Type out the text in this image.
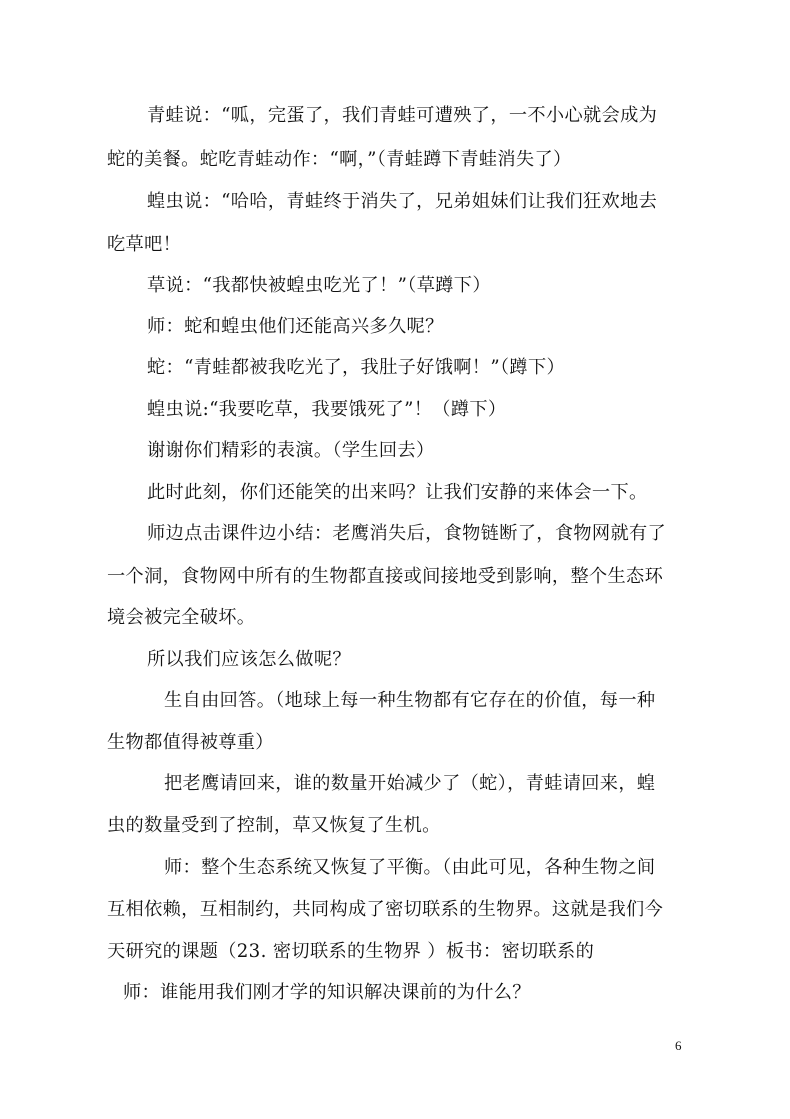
青蛙说：“呱，完蛋了，我们青蛙可遭殃了，一不小心就会成为
蛇的美餐。蛇吃青蛙动作：“啊，”（青蛙蹲下青蛙消失了）
蝗虫说：“哈哈，青蛙终于消失了，兄弟姐妹们让我们狂欢地去
吃草吧！
草说：“我都快被蝗虫吃光了！”（草蹲下）
师：蛇和蝗虫他们还能高兴多久呢？
蛇：“青蛙都被我吃光了，我肚子好饿啊！”（蹲下）
蝗虫说:“我要吃草，我要饿死了”！（蹲下）
谢谢你们精彩的表演。（学生回去）
此时此刻，你们还能笑的出来吗？让我们安静的来体会一下。
师边点击课件边小结：老鹰消失后，食物链断了，食物网就有了
一个洞，食物网中所有的生物都直接或间接地受到影响，整个生态环
境会被完全破坏。
所以我们应该怎么做呢？
生自由回答。（地球上每一种生物都有它存在的价值，每一种
生物都值得被尊重）
把老鹰请回来，谁的数量开始减少了（蛇），青蛙请回来，蝗
虫的数量受到了控制，草又恢复了生机。
师：整个生态系统又恢复了平衡。（由此可见，各种生物之间
互相依赖，互相制约，共同构成了密切联系的生物界。这就是我们今
天研究的课题（23. 密切联系的生物界 ）板书：密切联系的
师：谁能用我们刚才学的知识解决课前的为什么？
6
